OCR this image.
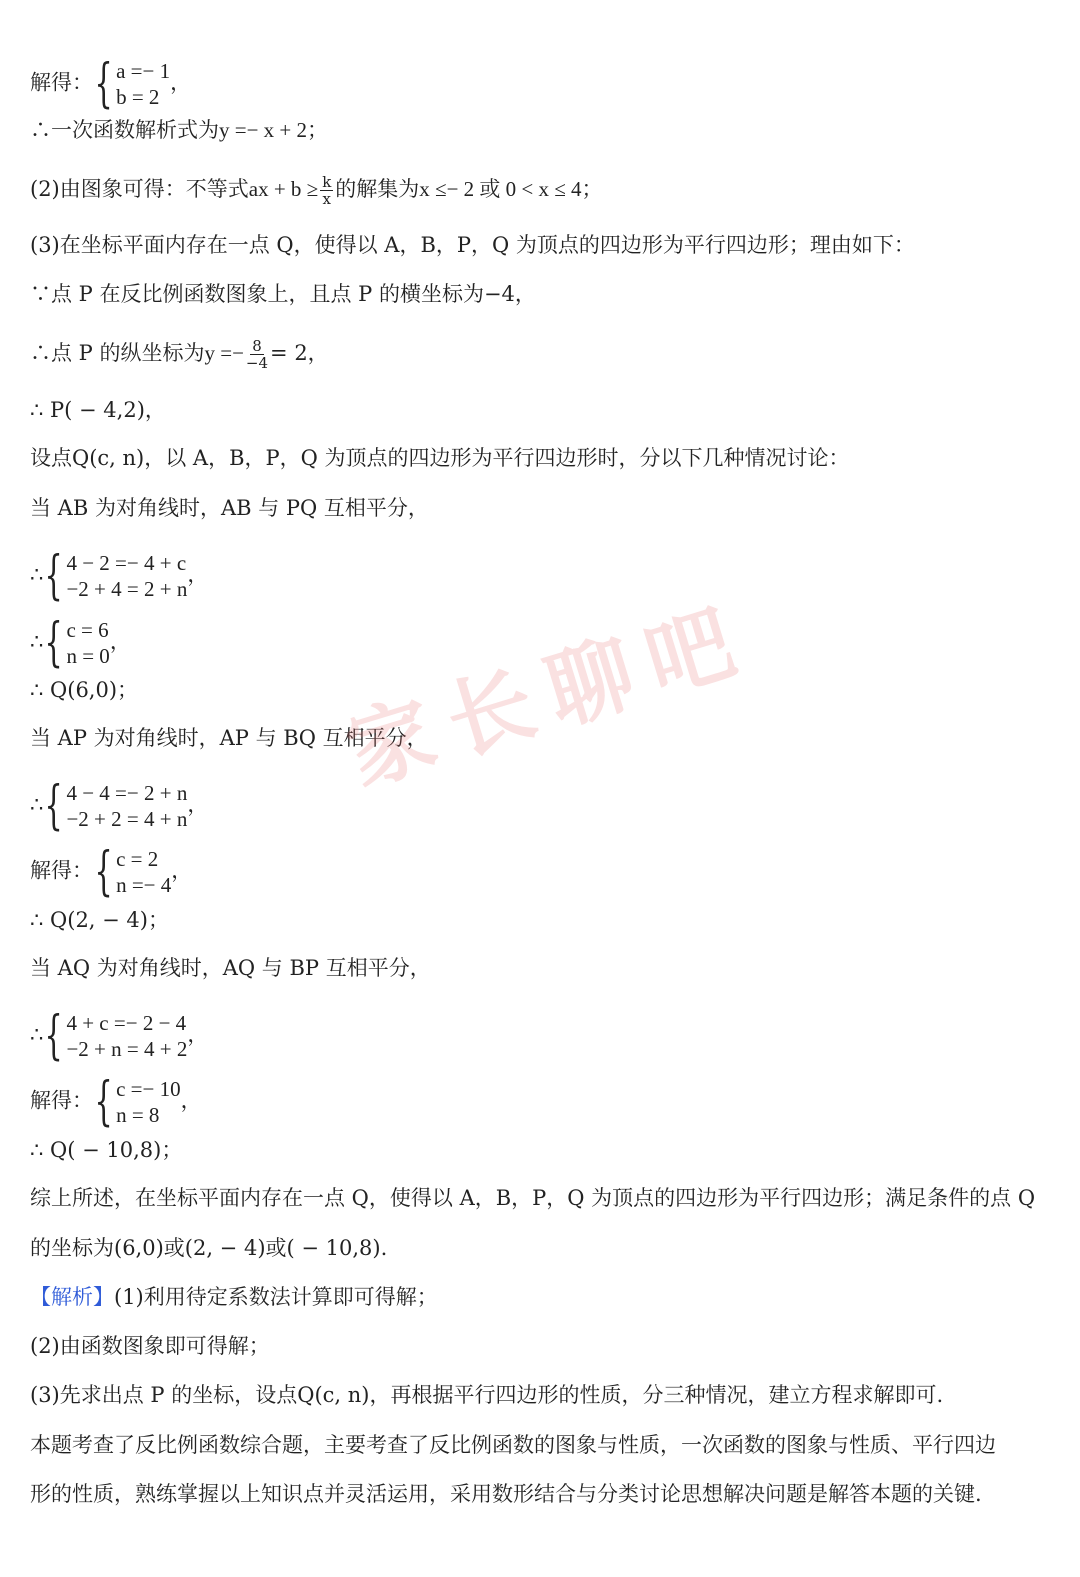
解得： { a =− 1
b = 2
，
∴一次函数解析式为y =− x + 2；
(2)由图象可得：不等式ax + $b \ge \frac{k}{x}$ 的解集为x ≤− 2 或 0 < x ≤ 4；
(3)在坐标平面内存在一点 Q，使得以 A，B，P，Q 为顶点的四边形为平行四边形；理由如下：
∵点 P 在反比例函数图象上，且点 P 的横坐标为−4，
∴点 P 的纵坐标为$y =- \frac{8}{-4} = 2$，
∴ P( − 4,2)，
设点Q(c, n)，以 A，B，P，Q 为顶点的四边形为平行四边形时，分以下几种情况讨论：
当 AB 为对角线时，AB 与 PQ 互相平分，
∴ { 4 − 2 =− 4 + c
−2 + 4 = 2 + n
，
∴ { c = 6
n = 0
，
∴ Q(6,0)；
当 AP 为对角线时，AP 与 BQ 互相平分，
∴ { 4 − 4 =− 2 + n
−2 + 2 = 4 + n
，
解得： { c = 2
n =− 4
，
∴ Q(2, − 4)；
当 AQ 为对角线时，AQ 与 BP 互相平分，
∴ { 4 + c =− 2 − 4
−2 + n = 4 + 2
，
解得： { c =− 10
n = 8
，
∴ Q( − 10,8)；
综上所述，在坐标平面内存在一点 Q，使得以 A，B，P，Q 为顶点的四边形为平行四边形；满足条件的点 Q
的坐标为(6,0)或(2, − 4)或( − 10,8).
【解析】(1)利用待定系数法计算即可得解；
(2)由函数图象即可得解；
(3)先求出点 P 的坐标，设点Q(c, n)，再根据平行四边形的性质，分三种情况，建立方程求解即可.
本题考查了反比例函数综合题，主要考查了反比例函数的图象与性质，一次函数的图象与性质、平行四边
形的性质，熟练掌握以上知识点并灵活运用，采用数形结合与分类讨论思想解决问题是解答本题的关键.
家长聊吧
